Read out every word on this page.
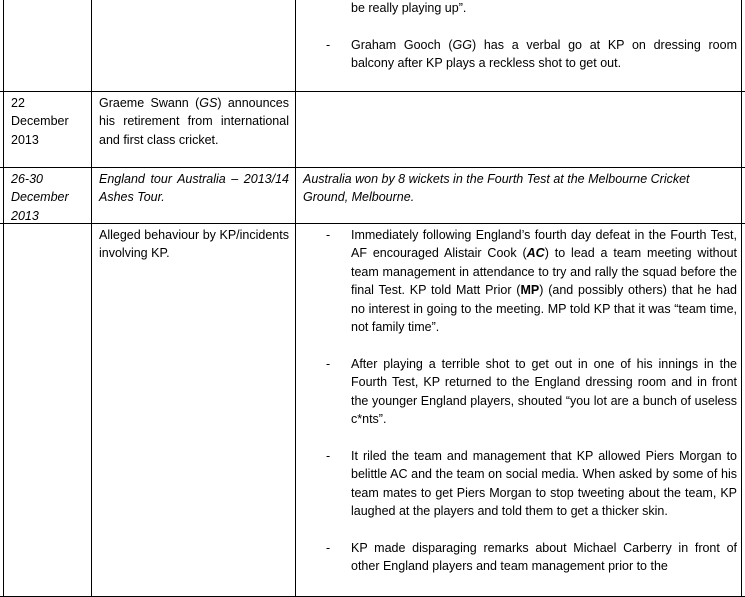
be really playing up”.
- Graham Gooch (GG) has a verbal go at KP on dressing room balcony after KP plays a reckless shot to get out.
22
December
2013
Graeme Swann (GS) announces his retirement from international and first class cricket.
26-30
December
2013
England tour Australia – 2013/14 Ashes Tour.
Australia won by 8 wickets in the Fourth Test at the Melbourne Cricket Ground, Melbourne.
Alleged behaviour by KP/incidents involving KP.
- Immediately following England’s fourth day defeat in the Fourth Test, AF encouraged Alistair Cook (AC) to lead a team meeting without team management in attendance to try and rally the squad before the final Test. KP told Matt Prior (MP) (and possibly others) that he had no interest in going to the meeting. MP told KP that it was “team time, not family time”.
- After playing a terrible shot to get out in one of his innings in the Fourth Test, KP returned to the England dressing room and in front the younger England players, shouted “you lot are a bunch of useless c*nts”.
- It riled the team and management that KP allowed Piers Morgan to belittle AC and the team on social media. When asked by some of his team mates to get Piers Morgan to stop tweeting about the team, KP laughed at the players and told them to get a thicker skin.
- KP made disparaging remarks about Michael Carberry in front of other England players and team management prior to the
